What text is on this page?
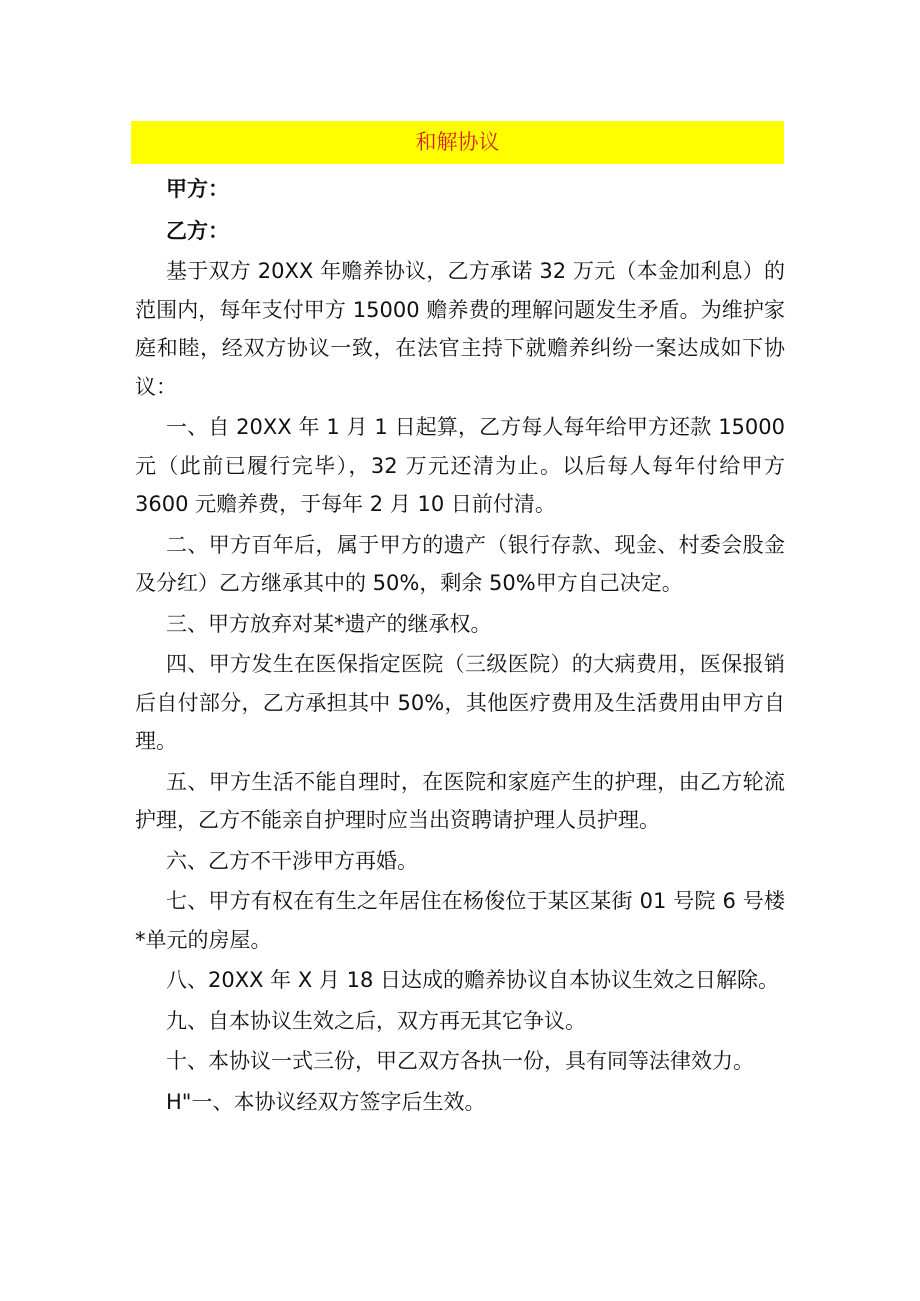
和解协议
甲方：
乙方：

基于双方 20XX 年赡养协议，乙方承诺 32 万元（本金加利息）的范围内，每年支付甲方 15000 赡养费的理解问题发生矛盾。为维护家庭和睦，经双方协议一致，在法官主持下就赡养纠纷一案达成如下协议：

一、自 20XX 年 1 月 1 日起算，乙方每人每年给甲方还款 15000 元（此前已履行完毕），32 万元还清为止。以后每人每年付给甲方 3600 元赡养费，于每年 2 月 10 日前付清。

二、甲方百年后，属于甲方的遗产（银行存款、现金、村委会股金及分红）乙方继承其中的 50%，剩余 50%甲方自己决定。

三、甲方放弃对某*遗产的继承权。

四、甲方发生在医保指定医院（三级医院）的大病费用，医保报销后自付部分，乙方承担其中 50%，其他医疗费用及生活费用由甲方自理。

五、甲方生活不能自理时，在医院和家庭产生的护理，由乙方轮流护理，乙方不能亲自护理时应当出资聘请护理人员护理。

六、乙方不干涉甲方再婚。

七、甲方有权在有生之年居住在杨俊位于某区某街 01 号院 6 号楼*单元的房屋。

八、20XX 年 X 月 18 日达成的赡养协议自本协议生效之日解除。

九、自本协议生效之后，双方再无其它争议。

十、本协议一式三份，甲乙双方各执一份，具有同等法律效力。

H"一、本协议经双方签字后生效。
